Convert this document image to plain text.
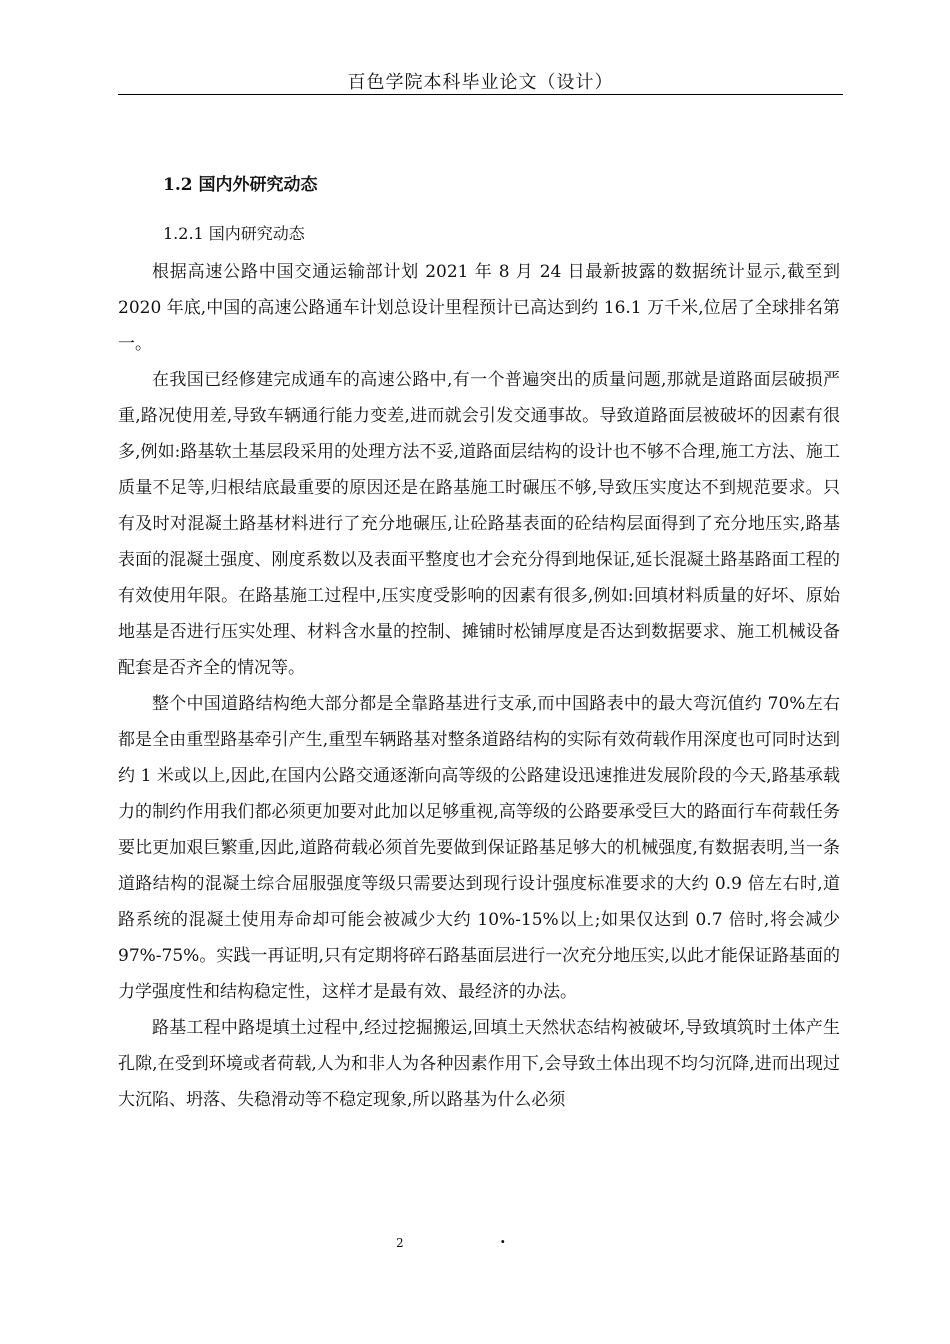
百色学院本科毕业论文（设计）
1.2 国内外研究动态
1.2.1 国内研究动态

根据高速公路中国交通运输部计划 2021 年 8 月 24 日最新披露的数据统计显示,截至到 2020 年底,中国的高速公路通车计划总设计里程预计已高达到约 16.1 万千米,位居了全球排名第一。

在我国已经修建完成通车的高速公路中,有一个普遍突出的质量问题,那就是道路面层破损严重,路况使用差,导致车辆通行能力变差,进而就会引发交通事故。导致道路面层被破坏的因素有很多,例如:路基软土基层段采用的处理方法不妥,道路面层结构的设计也不够不合理,施工方法、施工质量不足等,归根结底最重要的原因还是在路基施工时碾压不够,导致压实度达不到规范要求。只有及时对混凝土路基材料进行了充分地碾压,让砼路基表面的砼结构层面得到了充分地压实,路基表面的混凝土强度、刚度系数以及表面平整度也才会充分得到地保证,延长混凝土路基路面工程的有效使用年限。在路基施工过程中,压实度受影响的因素有很多,例如:回填材料质量的好坏、原始地基是否进行压实处理、材料含水量的控制、摊铺时松铺厚度是否达到数据要求、施工机械设备配套是否齐全的情况等。

整个中国道路结构绝大部分都是全靠路基进行支承,而中国路表中的最大弯沉值约 70%左右都是全由重型路基牵引产生,重型车辆路基对整条道路结构的实际有效荷载作用深度也可同时达到约 1 米或以上,因此,在国内公路交通逐渐向高等级的公路建设迅速推进发展阶段的今天,路基承载力的制约作用我们都必须更加要对此加以足够重视,高等级的公路要承受巨大的路面行车荷载任务要比更加艰巨繁重,因此,道路荷载必须首先要做到保证路基足够大的机械强度,有数据表明,当一条道路结构的混凝土综合屈服强度等级只需要达到现行设计强度标准要求的大约 0.9 倍左右时,道路系统的混凝土使用寿命却可能会被减少大约 10%-15%以上;如果仅达到 0.7 倍时,将会减少 97%-75%。实践一再证明,只有定期将碎石路基面层进行一次充分地压实,以此才能保证路基面的力学强度性和结构稳定性，这样才是最有效、最经济的办法。

路基工程中路堤填土过程中,经过挖掘搬运,回填土天然状态结构被破坏,导致填筑时土体产生孔隙,在受到环境或者荷载,人为和非人为各种因素作用下,会导致土体出现不均匀沉降,进而出现过大沉陷、坍落、失稳滑动等不稳定现象,所以路基为什么必须

2	·
